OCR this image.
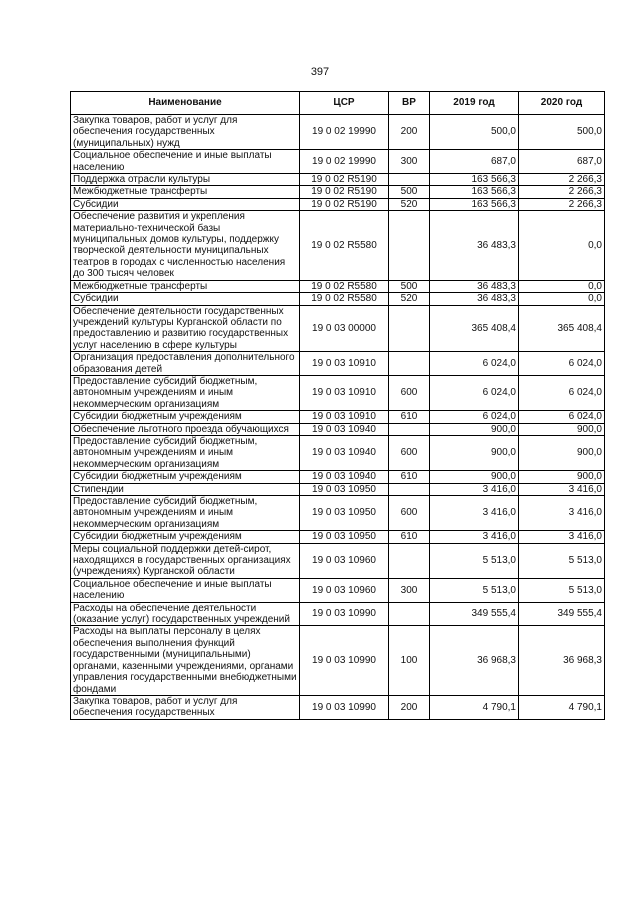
397
Наименование	ЦСР	ВР	2019 год	2020 год
Закупка товаров, работ и услуг для обеспечения государственных (муниципальных) нужд	19 0 02 19990	200	500,0	500,0
Социальное обеспечение и иные выплаты населению	19 0 02 19990	300	687,0	687,0
Поддержка отрасли культуры	19 0 02 R5190		163 566,3	2 266,3
Межбюджетные трансферты	19 0 02 R5190	500	163 566,3	2 266,3
Субсидии	19 0 02 R5190	520	163 566,3	2 266,3
Обеспечение развития и укрепления материально-технической базы муниципальных домов культуры, поддержку творческой деятельности муниципальных театров в городах с численностью населения до 300 тысяч человек	19 0 02 R5580		36 483,3	0,0
Межбюджетные трансферты	19 0 02 R5580	500	36 483,3	0,0
Субсидии	19 0 02 R5580	520	36 483,3	0,0
Обеспечение деятельности государственных учреждений культуры Курганской области по предоставлению и развитию государственных услуг населению в сфере культуры	19 0 03 00000		365 408,4	365 408,4
Организация предоставления дополнительного образования детей	19 0 03 10910		6 024,0	6 024,0
Предоставление субсидий бюджетным, автономным учреждениям и иным некоммерческим организациям	19 0 03 10910	600	6 024,0	6 024,0
Субсидии бюджетным учреждениям	19 0 03 10910	610	6 024,0	6 024,0
Обеспечение льготного проезда обучающихся	19 0 03 10940		900,0	900,0
Предоставление субсидий бюджетным, автономным учреждениям и иным некоммерческим организациям	19 0 03 10940	600	900,0	900,0
Субсидии бюджетным учреждениям	19 0 03 10940	610	900,0	900,0
Стипендии	19 0 03 10950		3 416,0	3 416,0
Предоставление субсидий бюджетным, автономным учреждениям и иным некоммерческим организациям	19 0 03 10950	600	3 416,0	3 416,0
Субсидии бюджетным учреждениям	19 0 03 10950	610	3 416,0	3 416,0
Меры социальной поддержки детей-сирот, находящихся в государственных организациях (учреждениях) Курганской области	19 0 03 10960		5 513,0	5 513,0
Социальное обеспечение и иные выплаты населению	19 0 03 10960	300	5 513,0	5 513,0
Расходы на обеспечение деятельности (оказание услуг) государственных учреждений	19 0 03 10990		349 555,4	349 555,4
Расходы на выплаты персоналу в целях обеспечения выполнения функций государственными (муниципальными) органами, казенными учреждениями, органами управления государственными внебюджетными фондами	19 0 03 10990	100	36 968,3	36 968,3
Закупка товаров, работ и услуг для обеспечения государственных	19 0 03 10990	200	4 790,1	4 790,1
